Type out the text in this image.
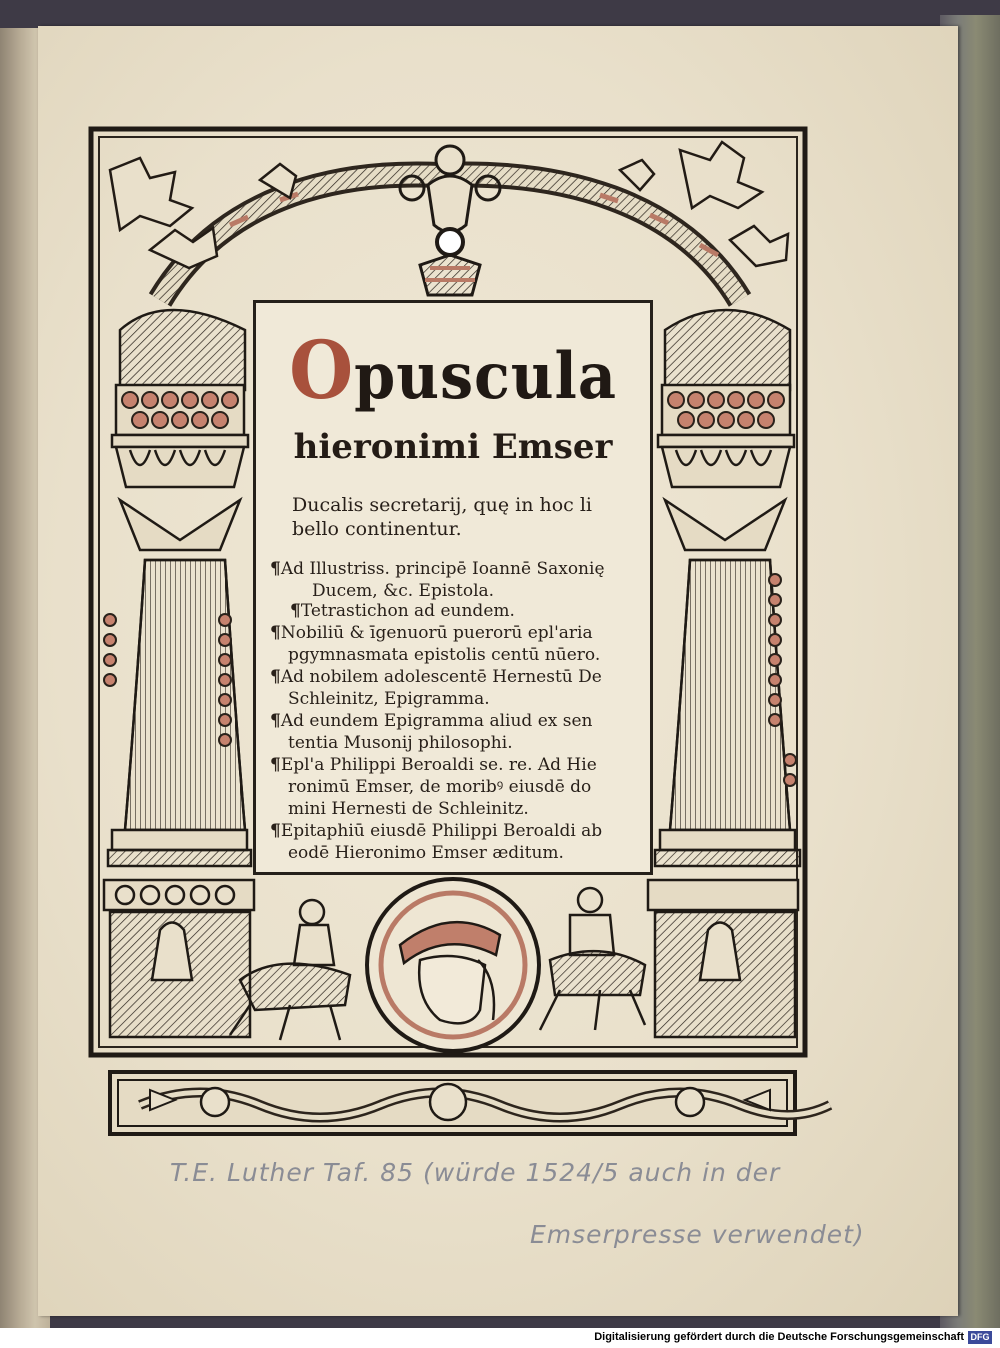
Opuscula
hieronimi Emser
Ducalis secretarij, quę in hoc li
bello continentur.
¶Ad Illustriss. principē Ioannē Saxonię
Ducem, &c. Epistola.
¶Tetrastichon ad eundem.
¶Nobiliū & īgenuorū puerorū epl'aria
pgymnasmata epistolis centū nūero.
¶Ad nobilem adolescentē Hernestū De
Schleinitz, Epigramma.
¶Ad eundem Epigramma aliud ex sen
tentia Musonij philosophi.
¶Epl'a Philippi Beroaldi se. re. Ad Hie
ronimū Emser, de moribꝰ eiusdē do
mini Hernesti de Schleinitz.
¶Epitaphiū eiusdē Philippi Beroaldi ab
eodē Hieronimo Emser æditum.
T.E. Luther Taf. 85 (würde 1524/5 auch in der
Emserpresse verwendet)
Digitalisierung gefördert durch die Deutsche Forschungsgemeinschaft DFG
